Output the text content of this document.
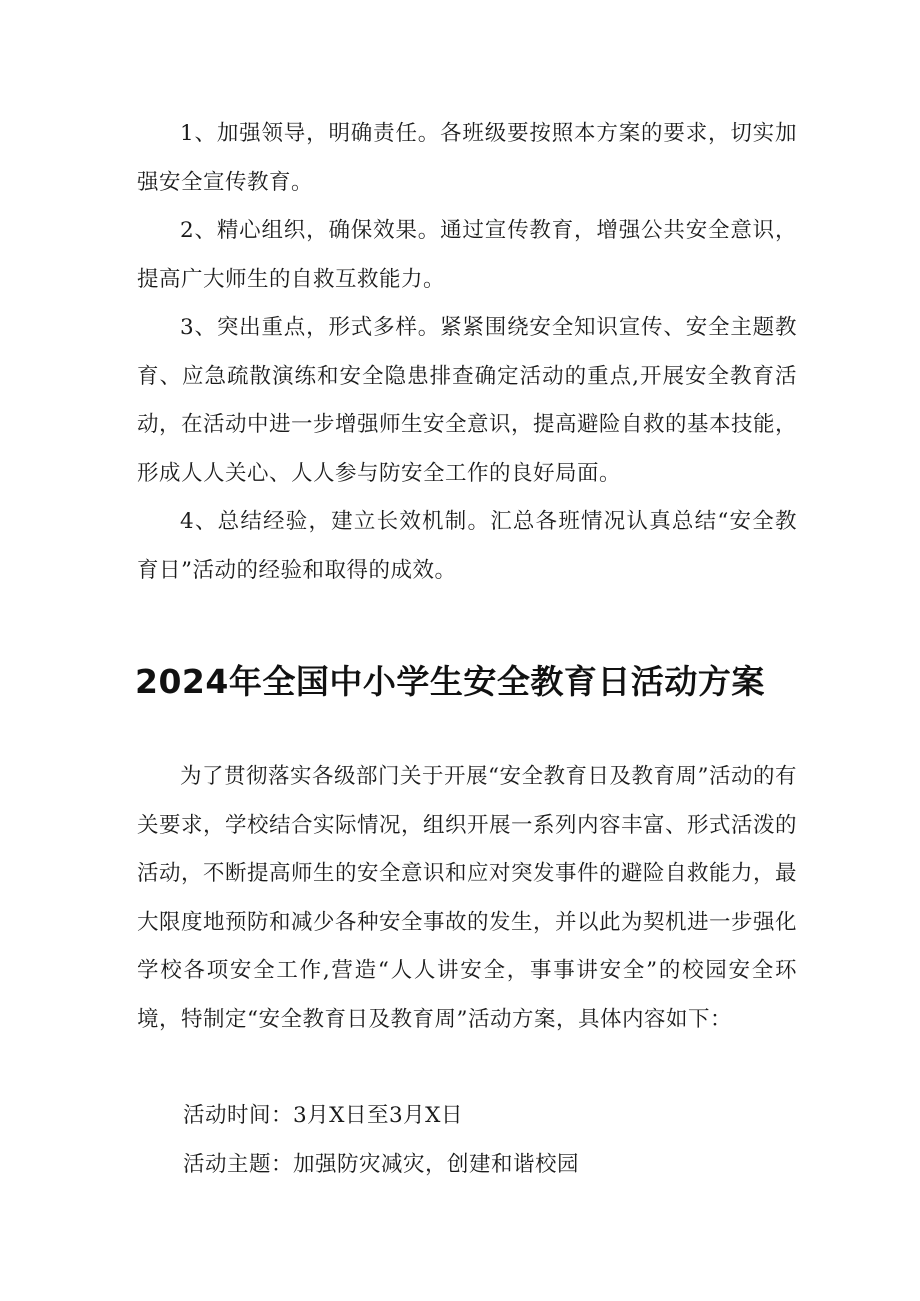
1、加强领导，明确责任。各班级要按照本方案的要求，切实加强安全宣传教育。

2、精心组织，确保效果。通过宣传教育，增强公共安全意识，提高广大师生的自救互救能力。

3、突出重点，形式多样。紧紧围绕安全知识宣传、安全主题教育、应急疏散演练和安全隐患排查确定活动的重点,开展安全教育活动，在活动中进一步增强师生安全意识，提高避险自救的基本技能，形成人人关心、人人参与防安全工作的良好局面。

4、总结经验，建立长效机制。汇总各班情况认真总结“安全教育日”活动的经验和取得的成效。

2024年全国中小学生安全教育日活动方案

为了贯彻落实各级部门关于开展“安全教育日及教育周”活动的有关要求，学校结合实际情况，组织开展一系列内容丰富、形式活泼的活动，不断提高师生的安全意识和应对突发事件的避险自救能力，最大限度地预防和减少各种安全事故的发生，并以此为契机进一步强化学校各项安全工作,营造“人人讲安全，事事讲安全”的校园安全环境，特制定“安全教育日及教育周”活动方案，具体内容如下：

活动时间：3月X日至3月X日

活动主题：加强防灾减灾，创建和谐校园
